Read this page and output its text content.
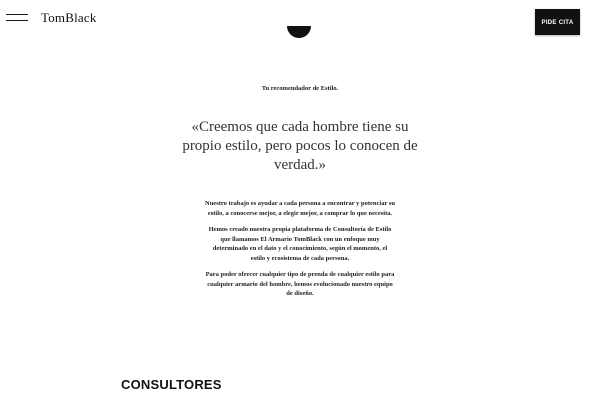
TomBlack	PIDE CITA
Tu recomendador de Estilo.
«Creemos que cada hombre tiene su propio estilo, pero pocos lo conocen de verdad.»

Nuestro trabajo es ayudar a cada persona a encontrar y potenciar su estilo, a conocerse mejor, a elegir mejor, a comprar lo que necesita.

Hemos creado nuestra propia plataforma de Consultoría de Estilo que llamamos El Armario TomBlack con un enfoque muy determinado en el dato y el conocimiento, según el momento, el estilo y ecosistema de cada persona.

Para poder ofrecer cualquier tipo de prenda de cualquier estilo para cualquier armario del hombre, hemos evolucionado nuestro equipo de diseño.

CONSULTORES
